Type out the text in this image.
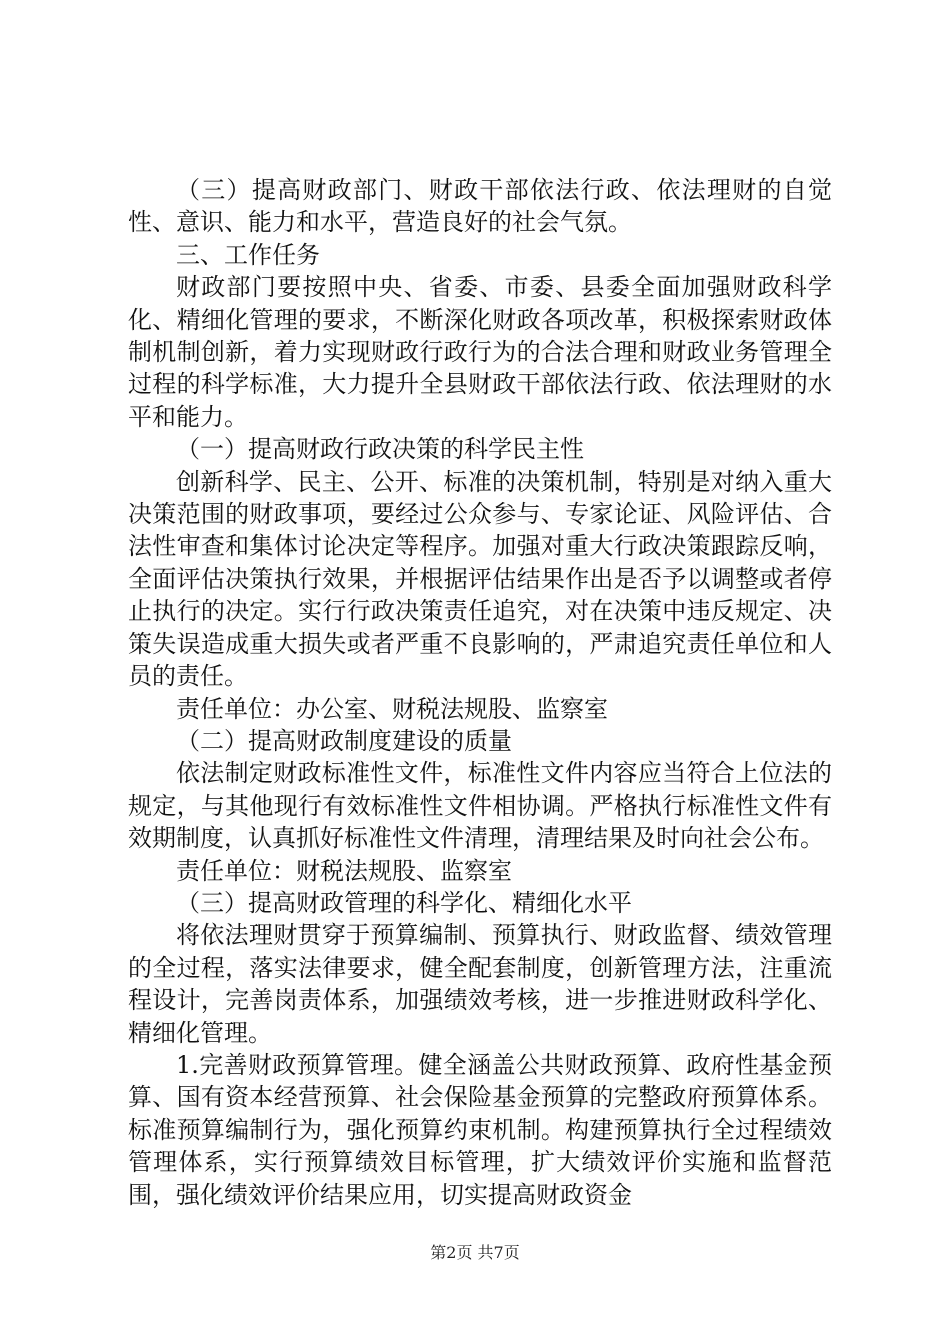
（三）提高财政部门、财政干部依法行政、依法理财的自觉性、意识、能力和水平，营造良好的社会气氛。

三、工作任务

财政部门要按照中央、省委、市委、县委全面加强财政科学化、精细化管理的要求，不断深化财政各项改革，积极探索财政体制机制创新，着力实现财政行政行为的合法合理和财政业务管理全过程的科学标准，大力提升全县财政干部依法行政、依法理财的水平和能力。

（一）提高财政行政决策的科学民主性

创新科学、民主、公开、标准的决策机制，特别是对纳入重大决策范围的财政事项，要经过公众参与、专家论证、风险评估、合法性审查和集体讨论决定等程序。加强对重大行政决策跟踪反响，全面评估决策执行效果，并根据评估结果作出是否予以调整或者停止执行的决定。实行行政决策责任追究，对在决策中违反规定、决策失误造成重大损失或者严重不良影响的，严肃追究责任单位和人员的责任。

责任单位：办公室、财税法规股、监察室

（二）提高财政制度建设的质量

依法制定财政标准性文件，标准性文件内容应当符合上位法的规定，与其他现行有效标准性文件相协调。严格执行标准性文件有效期制度，认真抓好标准性文件清理，清理结果及时向社会公布。

责任单位：财税法规股、监察室

（三）提高财政管理的科学化、精细化水平

将依法理财贯穿于预算编制、预算执行、财政监督、绩效管理的全过程，落实法律要求，健全配套制度，创新管理方法，注重流程设计，完善岗责体系，加强绩效考核，进一步推进财政科学化、精细化管理。

1.完善财政预算管理。健全涵盖公共财政预算、政府性基金预算、国有资本经营预算、社会保险基金预算的完整政府预算体系。标准预算编制行为，强化预算约束机制。构建预算执行全过程绩效管理体系，实行预算绩效目标管理，扩大绩效评价实施和监督范围，强化绩效评价结果应用，切实提高财政资金

第2页 共7页
